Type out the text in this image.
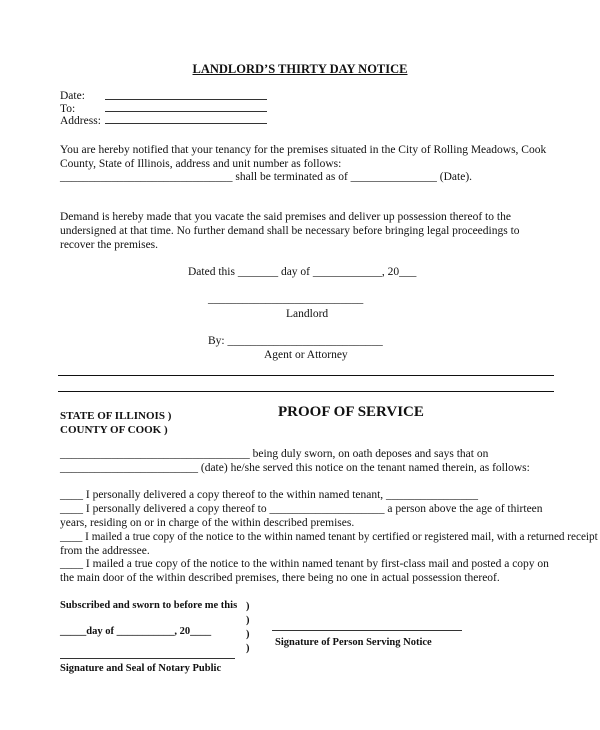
LANDLORD’S THIRTY DAY NOTICE
Date:
To:
Address:
You are hereby notified that your tenancy for the premises situated in the City of Rolling Meadows, Cook
County, State of Illinois, address and unit number as follows:
______________________________ shall be terminated as of _______________ (Date).
Demand is hereby made that you vacate the said premises and deliver up possession thereof to the
undersigned at that time. No further demand shall be necessary before bringing legal proceedings to
recover the premises.
Dated this _______ day of ____________, 20___
___________________________
Landlord
By: ___________________________
Agent or Attorney
STATE OF ILLINOIS )
COUNTY OF COOK )
PROOF OF SERVICE
_________________________________ being duly sworn, on oath deposes and says that on
________________________ (date) he/she served this notice on the tenant named therein, as follows:
____ I personally delivered a copy thereof to the within named tenant, ________________
____ I personally delivered a copy thereof to ____________________ a person above the age of thirteen
years, residing on or in charge of the within described premises.
____ I mailed a true copy of the notice to the within named tenant by certified or registered mail, with a returned receipt
from the addressee.
____ I mailed a true copy of the notice to the within named tenant by first-class mail and posted a copy on
the main door of the within described premises, there being no one in actual possession thereof.
Subscribed and sworn to before me this )
)
_____day of ___________, 20____	)
Signature of Person Serving Notice
)
Signature and Seal of Notary Public
